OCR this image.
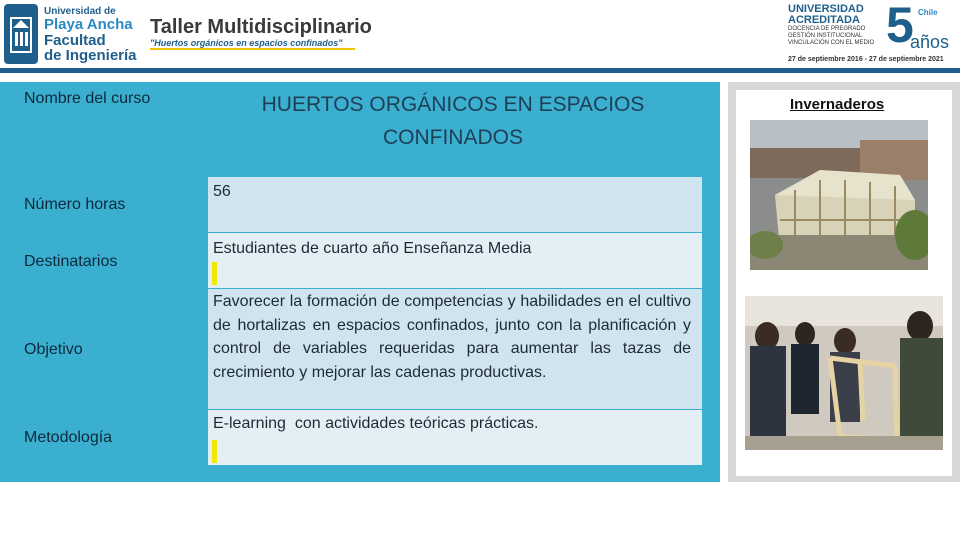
Universidad de
Playa Ancha
Facultad
de Ingeniería
Taller Multidisciplinario
"Huertos orgánicos en espacios confinados"
UNIVERSIDAD
ACREDITADA
DOCENCIA DE PREGRADO
GESTIÓN INSTITUCIONAL
VINCULACIÓN CON EL MEDIO 5 Chile
años
27 de septiembre 2016 - 27 de septiembre 2021
Nombre del curso
Número horas
Destinatarios
Objetivo
Metodología
HUERTOS ORGÁNICOS EN ESPACIOS
CONFINADOS
56
Estudiantes de cuarto año Enseñanza Media
Favorecer la formación de competencias y habilidades en el cultivo de hortalizas en espacios confinados, junto con la planificación y control de variables requeridas para aumentar las tazas de crecimiento y mejorar las cadenas productivas.
E-learning  con actividades teóricas prácticas.
Invernaderos
